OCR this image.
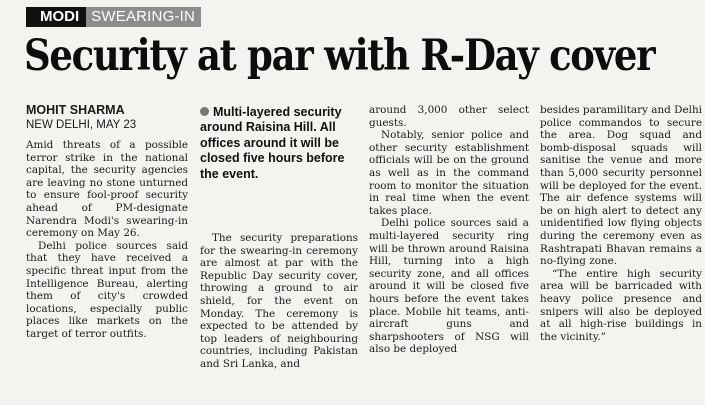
MODI SWEARING-IN
Security at par with R-Day cover
MOHIT SHARMA
NEW DELHI, MAY 23

Amid threats of a possible terror strike in the national capital, the security agencies are leaving no stone unturned to ensure fool-proof security ahead of PM-designate Narendra Modi's swearing-in ceremony on May 26.

Delhi police sources said that they have received a specific threat input from the Intelligence Bureau, alerting them of city's crowded locations, especially public places like markets on the target of terror outfits.

Multi-layered security around Raisina Hill. All offices around it will be closed five hours before the event.

The security preparations for the swearing-in ceremony are almost at par with the Republic Day security cover, throwing a ground to air shield, for the event on Monday. The ceremony is expected to be attended by top leaders of neighbouring countries, including Pakistan and Sri Lanka, and

around 3,000 other select guests.

Notably, senior police and other security establishment officials will be on the ground as well as in the command room to monitor the situation in real time when the event takes place.

Delhi police sources said a multi-layered security ring will be thrown around Raisina Hill, turning into a high security zone, and all offices around it will be closed five hours before the event takes place. Mobile hit teams, anti-aircraft guns and sharpshooters of NSG will also be deployed

besides paramilitary and Delhi police commandos to secure the area. Dog squad and bomb-disposal squads will sanitise the venue and more than 5,000 security personnel will be deployed for the event. The air defence systems will be on high alert to detect any unidentified low flying objects during the ceremony even as Rashtrapati Bhavan remains a no-flying zone.

“The entire high security area will be barricaded with heavy police presence and snipers will also be deployed at all high-rise buildings in the vicinity.”
